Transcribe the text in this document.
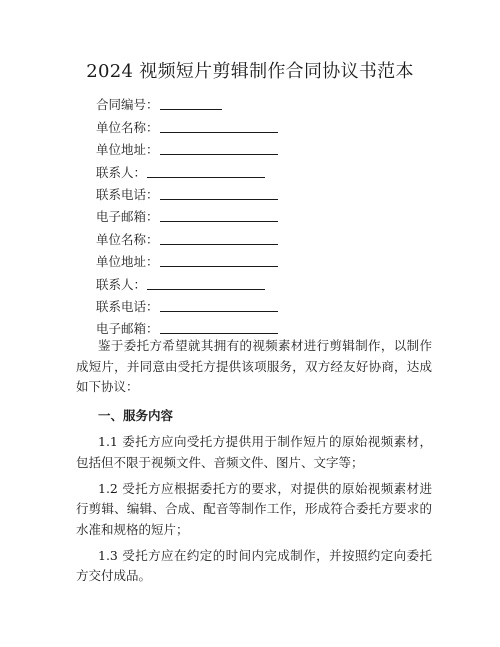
2024 视频短片剪辑制作合同协议书范本
合同编号：
单位名称：
单位地址：
联系人：
联系电话：
电子邮箱：
单位名称：
单位地址：
联系人：
联系电话：
电子邮箱：

鉴于委托方希望就其拥有的视频素材进行剪辑制作，以制作成短片，并同意由受托方提供该项服务，双方经友好协商，达成如下协议：

一、服务内容

1.1 委托方应向受托方提供用于制作短片的原始视频素材，包括但不限于视频文件、音频文件、图片、文字等；

1.2 受托方应根据委托方的要求，对提供的原始视频素材进行剪辑、编辑、合成、配音等制作工作，形成符合委托方要求的水准和规格的短片；

1.3 受托方应在约定的时间内完成制作，并按照约定向委托方交付成品。
